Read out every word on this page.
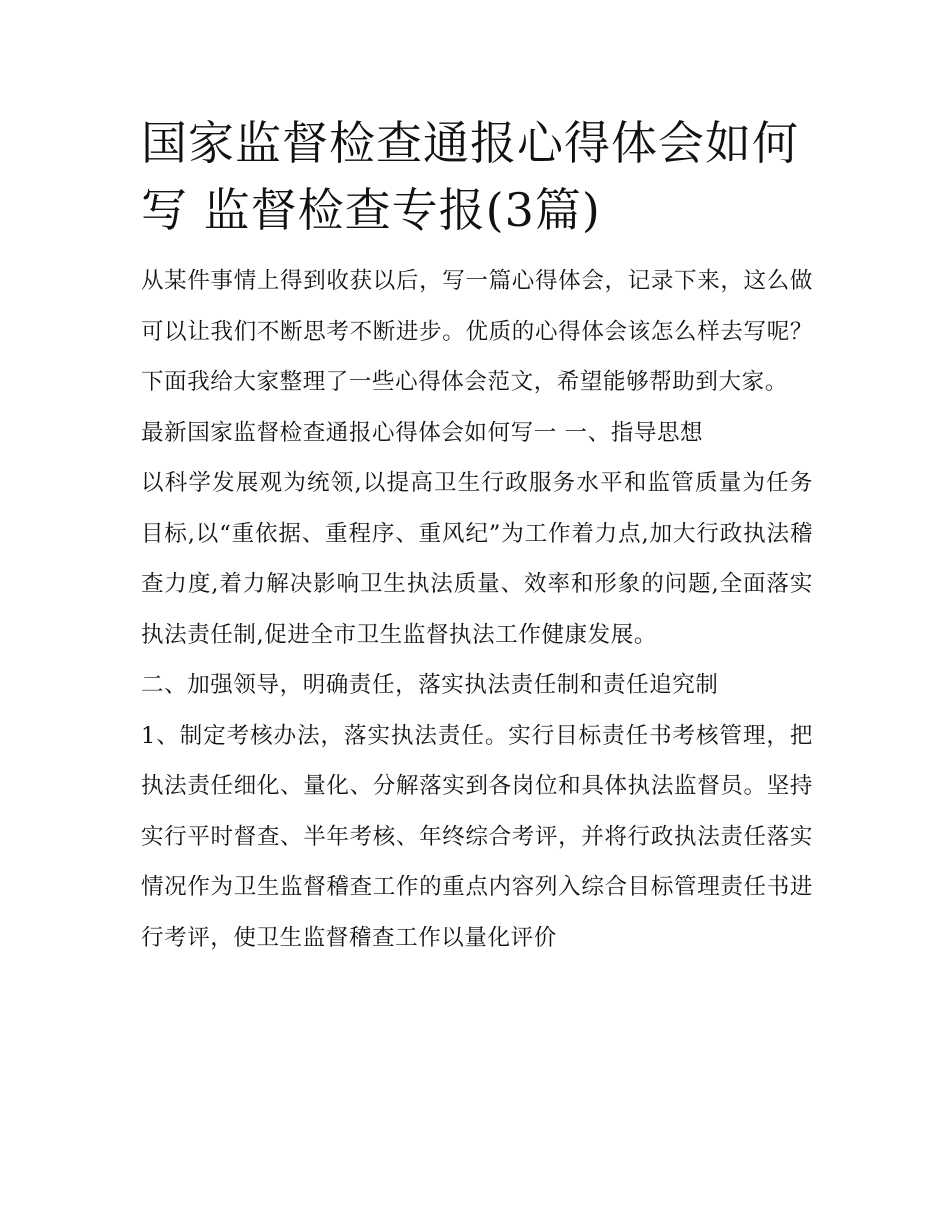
国家监督检查通报心得体会如何写 监督检查专报(3篇)

从某件事情上得到收获以后，写一篇心得体会，记录下来，这么做可以让我们不断思考不断进步。优质的心得体会该怎么样去写呢？下面我给大家整理了一些心得体会范文，希望能够帮助到大家。

最新国家监督检查通报心得体会如何写一 一、指导思想

以科学发展观为统领,以提高卫生行政服务水平和监管质量为任务目标,以“重依据、重程序、重风纪”为工作着力点,加大行政执法稽查力度,着力解决影响卫生执法质量、效率和形象的问题,全面落实执法责任制,促进全市卫生监督执法工作健康发展。

二、加强领导，明确责任，落实执法责任制和责任追究制

1、制定考核办法，落实执法责任。实行目标责任书考核管理，把执法责任细化、量化、分解落实到各岗位和具体执法监督员。坚持实行平时督查、半年考核、年终综合考评，并将行政执法责任落实情况作为卫生监督稽查工作的重点内容列入综合目标管理责任书进行考评，使卫生监督稽查工作以量化评价
